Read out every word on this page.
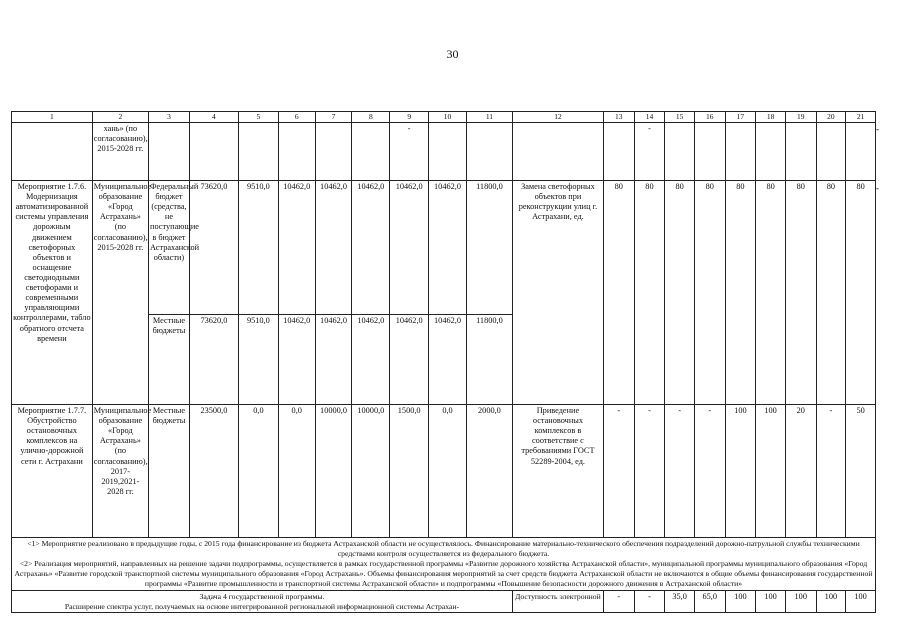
30
1	2	3	4	5	6	7	8	9	10	11	12	13	14	15	16	17	18	19	20	21
	хань» (по согласованию), 2015-2028 гг.							-					-							
Мероприятие 1.7.6. Модернизация автоматизированной системы управления дорожным движением светофорных объектов и оснащение светодиодными светофорами и современными управляющими контроллерами, табло обратного отсчета времени	Муниципальное образование «Город Астрахань» (по согласованию), 2015-2028 гг.	Федеральный бюджет (средства, не поступающие в бюджет Астраханской области)	73620,0	9510,0	10462,0	10462,0	10462,0	10462,0	10462,0	11800,0	Замена светофорных объектов при реконструкции улиц г. Астрахани, ед.	80	80	80	80	80	80	80	80	80
		Местные бюджеты	73620,0	9510,0	10462,0	10462,0	10462,0	10462,0	10462,0	11800,0										
Мероприятие 1.7.7. Обустройство остановочных комплексов на улично-дорожной сети г. Астрахани	Муниципальное образование «Город Астрахань» (по согласованию), 2017-2019,2021-2028 гг.	Местные бюджеты	23500,0	0,0	0,0	10000,0	10000,0	1500,0	0,0	2000,0	Приведение остановочных комплексов в соответствие с требованиями ГОСТ 52289-2004, ед.	-	-	-	-	100	100	20	-	50

<1> Мероприятие реализовано в предыдущие годы, с 2015 года финансирование из бюджета Астраханской области не осуществлялось. Финансирование материально-технического обеспечения подразделений дорожно-патрульной службы техническими средствами контроля осуществляется из федерального бюджета.
<2> Реализация мероприятий, направленных на решение задачи подпрограммы, осуществляется в рамках государственной программы «Развитие дорожного хозяйства Астраханской области», муниципальной программы муниципального образования «Город Астрахань» «Развитие городской транспортной системы муниципального образования «Город Астрахань». Объемы финансирования мероприятий за счет средств бюджета Астраханской области не включаются в общие объемы финансирования государственной программы «Развитие промышленности и транспортной системы Астраханской области» и подпрограммы «Повышение безопасности дорожного движения в Астраханской области»																				

Задача 4 государственной программы.
Расширение спектра услуг, получаемых на основе интегрированной региональной информационной системы Астрахан-											Доступность электронной	-	-	35,0	65,0	100	100	100	100	100
-
-
